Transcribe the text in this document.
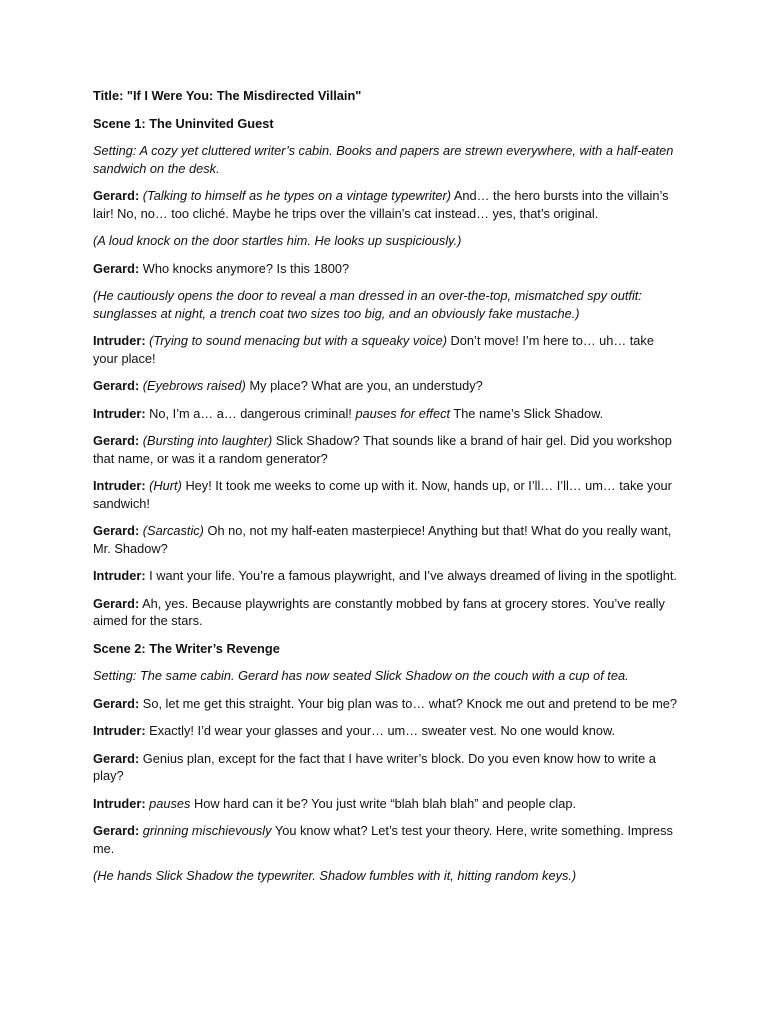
Title: "If I Were You: The Misdirected Villain"

Scene 1: The Uninvited Guest

Setting: A cozy yet cluttered writer’s cabin. Books and papers are strewn everywhere, with a half-eaten sandwich on the desk.

Gerard: (Talking to himself as he types on a vintage typewriter) And… the hero bursts into the villain’s lair! No, no… too cliché. Maybe he trips over the villain’s cat instead… yes, that’s original.

(A loud knock on the door startles him. He looks up suspiciously.)

Gerard: Who knocks anymore? Is this 1800?

(He cautiously opens the door to reveal a man dressed in an over-the-top, mismatched spy outfit: sunglasses at night, a trench coat two sizes too big, and an obviously fake mustache.)

Intruder: (Trying to sound menacing but with a squeaky voice) Don’t move! I’m here to… uh… take your place!

Gerard: (Eyebrows raised) My place? What are you, an understudy?

Intruder: No, I’m a… a… dangerous criminal! pauses for effect The name’s Slick Shadow.

Gerard: (Bursting into laughter) Slick Shadow? That sounds like a brand of hair gel. Did you workshop that name, or was it a random generator?

Intruder: (Hurt) Hey! It took me weeks to come up with it. Now, hands up, or I’ll… I’ll… um… take your sandwich!

Gerard: (Sarcastic) Oh no, not my half-eaten masterpiece! Anything but that! What do you really want, Mr. Shadow?

Intruder: I want your life. You’re a famous playwright, and I’ve always dreamed of living in the spotlight.

Gerard: Ah, yes. Because playwrights are constantly mobbed by fans at grocery stores. You’ve really aimed for the stars.

Scene 2: The Writer’s Revenge

Setting: The same cabin. Gerard has now seated Slick Shadow on the couch with a cup of tea.

Gerard: So, let me get this straight. Your big plan was to… what? Knock me out and pretend to be me?

Intruder: Exactly! I’d wear your glasses and your… um… sweater vest. No one would know.

Gerard: Genius plan, except for the fact that I have writer’s block. Do you even know how to write a play?

Intruder: pauses How hard can it be? You just write “blah blah blah” and people clap.

Gerard: grinning mischievously You know what? Let’s test your theory. Here, write something. Impress me.

(He hands Slick Shadow the typewriter. Shadow fumbles with it, hitting random keys.)
